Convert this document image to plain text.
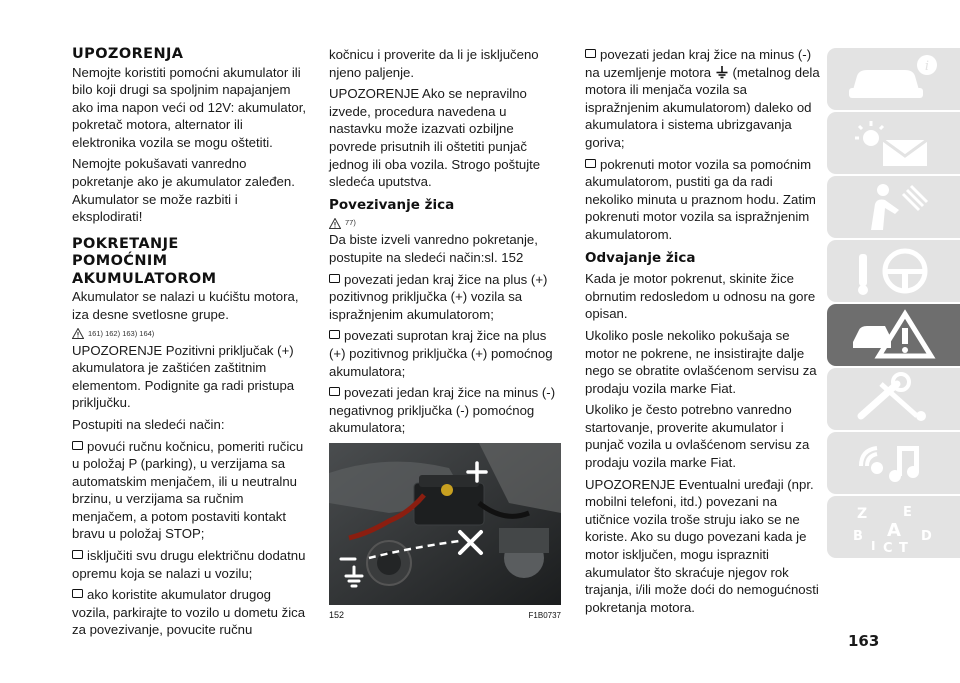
UPOZORENJA

Nemojte koristiti pomoćni akumulator ili bilo koji drugi sa spoljnim napajanjem ako ima napon veći od 12V: akumulator, pokretač motora, alternator ili elektronika vozila se mogu oštetiti.

Nemojte pokušavati vanredno pokretanje ako je akumulator zaleđen. Akumulator se može razbiti i eksplodirati!

POKRETANJE
POMOĆNIM
AKUMULATOROM

Akumulator se nalazi u kućištu motora, iza desne svetlosne grupe.

161) 162) 163) 164)

UPOZORENJE Pozitivni priključak (+) akumulatora je zaštićen zaštitnim elementom. Podignite ga radi pristupa priključku.

Postupiti na sledeći način:

povući ručnu kočnicu, pomeriti ručicu u položaj P (parking), u verzijama sa automatskim menjačem, ili u neutralnu brzinu, u verzijama sa ručnim menjačem, a potom postaviti kontakt bravu u položaj STOP;

isključiti svu drugu električnu dodatnu opremu koja se nalazi u vozilu;

ako koristite akumulator drugog vozila, parkirajte to vozilo u dometu žica za povezivanje, povucite ručnu

kočnicu i proverite da li je isključeno njeno paljenje.

UPOZORENJE Ako se nepravilno izvede, procedura navedena u nastavku može izazvati ozbiljne povrede prisutnih ili oštetiti punjač jednog ili oba vozila. Strogo poštujte sledeća uputstva.

Povezivanje žica
77)

Da biste izveli vanredno pokretanje, postupite na sledeći način:sl. 152

povezati jedan kraj žice na plus (+) pozitivnog priključka (+) vozila sa ispražnjenim akumulatorom;

povezati suprotan kraj žice na plus (+) pozitivnog priključka (+) pomoćnog akumulatora;

povezati jedan kraj žice na minus (-) negativnog priključka (-) pomoćnog akumulatora;

152	F1B0737

povezati jedan kraj žice na minus (-) na uzemljenje motora (metalnog dela motora ili menjača vozila sa ispražnjenim akumulatorom) daleko od akumulatora i sistema ubrizgavanja goriva;

pokrenuti motor vozila sa pomoćnim akumulatorom, pustiti ga da radi nekoliko minuta u praznom hodu. Zatim pokrenuti motor vozila sa ispražnjenim akumulatorom.

Odvajanje žica

Kada je motor pokrenut, skinite žice obrnutim redosledom u odnosu na gore opisan.

Ukoliko posle nekoliko pokušaja se motor ne pokrene, ne insistirajte dalje nego se obratite ovlašćenom servisu za prodaju vozila marke Fiat.

Ukoliko je često potrebno vanredno startovanje, proverite akumulator i punjač vozila u ovlašćenom servisu za prodaju vozila marke Fiat.

UPOZORENJE Eventualni uređaji (npr. mobilni telefoni, itd.) povezani na utičnice vozila troše struju iako se ne koriste. Ako su dugo povezani kada je motor isključen, mogu isprazniti akumulator što skraćuje njegov rok trajanja, i/ili može doći do nemogućnosti pokretanja motora.

i
Z	E
B A
I C T
D
163
